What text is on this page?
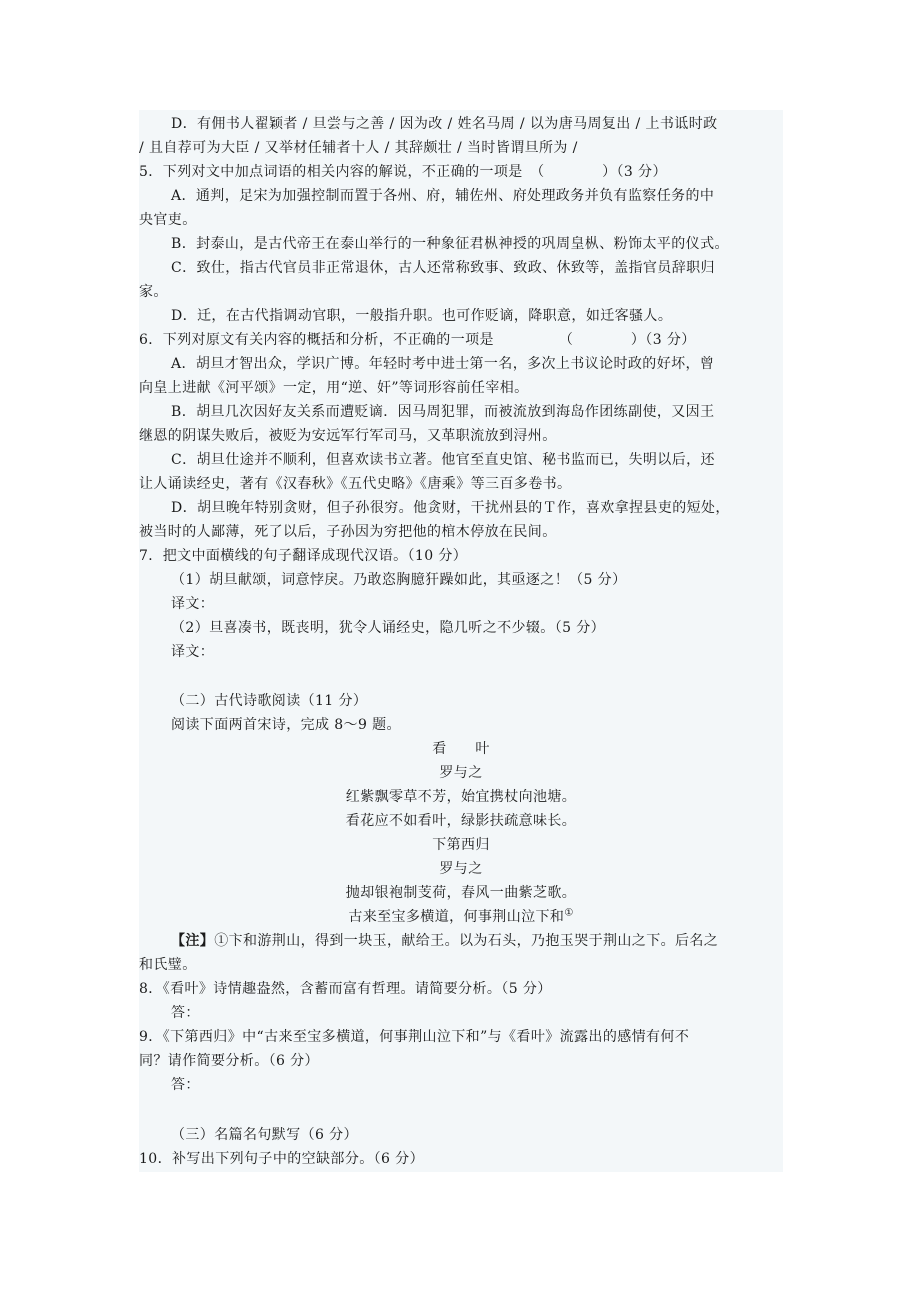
D．有佣书人翟颖者 / 旦尝与之善 / 因为改 / 姓名马周 / 以为唐马周复出 / 上书诋时政
/ 且自荐可为大臣 / 又举材任辅者十人 / 其辞颇壮 / 当时皆谓旦所为 /
5．下列对文中加点词语的相关内容的解说，不正确的一项是　（　　　　）（3 分）
A．通判，足宋为加强控制而置于各州、府，辅佐州、府处理政务并负有监察任务的中
央官吏。
B．封泰山，是古代帝王在泰山举行的一种象征君枞神授的巩周皇枞、粉饰太平的仪式。
C．致仕，指古代官员非正常退休，古人还常称致事、致政、休致等，盖指官员辞职归
家。
D．迁，在古代指调动官职，一般指升职。也可作贬谪，降职意，如迁客骚人。
6．下列对原文有关内容的概括和分析，不正确的一项是　　　　　（　　　　）（3 分）
A．胡旦才智出众，学识广博。年轻时考中进士第一名，多次上书议论时政的好坏，曾
向皇上进献《河平颂》一定，用“逆、奸”等词形容前任宰相。
B．胡旦几次因好友关系而遭贬谪．因马周犯罪，而被流放到海岛作团练副使，又因王
继恩的阴谋失败后，被贬为安远军行军司马，又革职流放到浔州。
C．胡旦仕途并不顺利，但喜欢读书立著。他官至直史馆、秘书监而已，失明以后，还
让人诵读经史，著有《汉春秋》《五代史略》《唐乘》等三百多卷书。
D．胡旦晚年特别贪财，但子孙很穷。他贪财，干扰州县的Ｔ作，喜欢拿捏县吏的短处，
被当时的人鄙薄，死了以后，子孙因为穷把他的棺木停放在民间。
7．把文中面横线的句子翻译成现代汉语。（10 分）
（1）胡旦献颂，词意悖戾。乃敢恣胸臆犴躁如此，其亟逐之！（5 分）
译文：
（2）旦喜凑书，既丧明，犹令人诵经史，隐几听之不少辍。（5 分）
译文：
（二）古代诗歌阅读（11 分）
阅读下面两首宋诗，完成 8～9 题。
看　　叶
罗与之
红紫飘零草不芳，始宜携杖向池塘。
看花应不如看叶，绿影扶疏意味长。
下第西归
罗与之
抛却银袍制芰荷，春风一曲紫芝歌。
古来至宝多横道，何事荆山泣下和①
【注】①卞和游荆山，得到一块玉，献给王。以为石头，乃抱玉哭于荆山之下。后名之
和氏璧。
8．《看叶》诗情趣盎然，含蓄而富有哲理。请简要分析。（5 分）
答：
9．《下第西归》中“古来至宝多横道，何事荆山泣下和”与《看叶》流露出的感情有何不
同？请作简要分析。（6 分）
答：
（三）名篇名句默写（6 分）
10．补写出下列句子中的空缺部分。（6 分）
